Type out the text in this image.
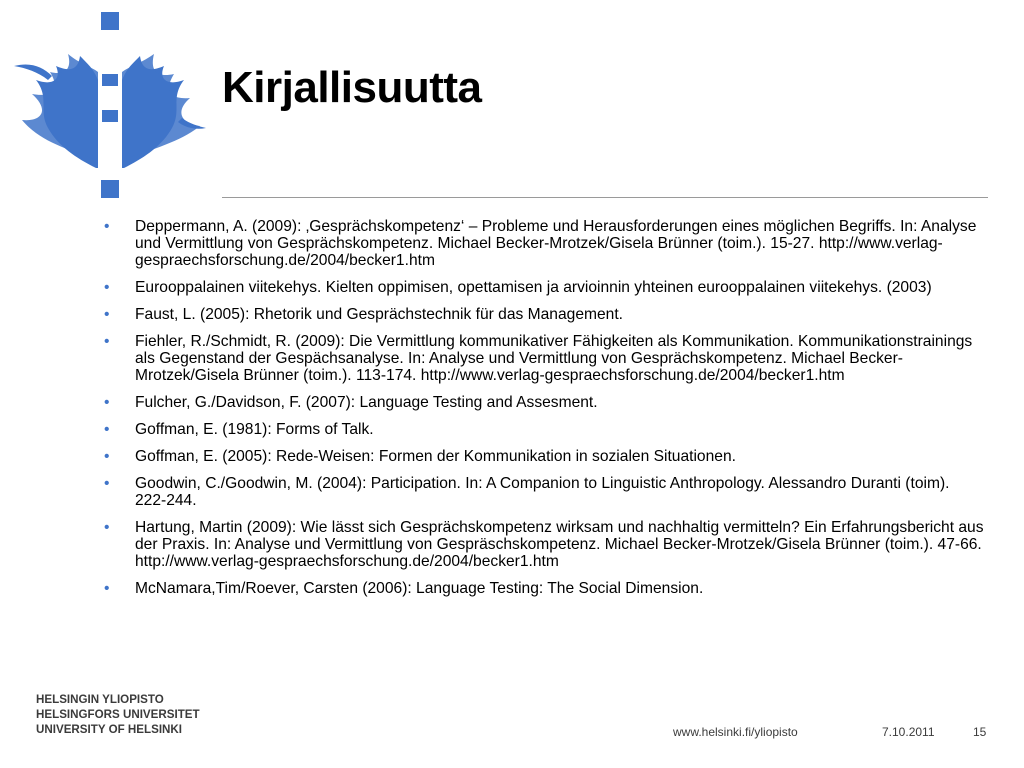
Kirjallisuutta
• Deppermann, A. (2009): ‚Gesprächskompetenz‘ – Probleme und Herausforderungen eines möglichen Begriffs. In: Analyse und Vermittlung von Gesprächskompetenz. Michael Becker-Mrotzek/Gisela Brünner (toim.). 15-27. http://www.verlag-gespraechsforschung.de/2004/becker1.htm
• Eurooppalainen viitekehys. Kielten oppimisen, opettamisen ja arvioinnin yhteinen eurooppalainen viitekehys. (2003)
• Faust, L. (2005): Rhetorik und Gesprächstechnik für das Management.
• Fiehler, R./Schmidt, R. (2009): Die Vermittlung kommunikativer Fähigkeiten als Kommunikation. Kommunikationstrainings als Gegenstand der Gespächsanalyse. In: Analyse und Vermittlung von Gesprächskompetenz. Michael Becker-Mrotzek/Gisela Brünner (toim.). 113-174. http://www.verlag-gespraechsforschung.de/2004/becker1.htm
• Fulcher, G./Davidson, F. (2007): Language Testing and Assesment.
• Goffman, E. (1981): Forms of Talk.
• Goffman, E. (2005): Rede-Weisen: Formen der Kommunikation in sozialen Situationen.
• Goodwin, C./Goodwin, M. (2004): Participation. In: A Companion to Linguistic Anthropology. Alessandro Duranti (toim). 222-244.
• Hartung, Martin (2009): Wie lässt sich Gesprächskompetenz wirksam und nachhaltig vermitteln? Ein Erfahrungsbericht aus der Praxis. In: Analyse und Vermittlung von Gespräschskompetenz. Michael Becker-Mrotzek/Gisela Brünner (toim.). 47-66. http://www.verlag-gespraechsforschung.de/2004/becker1.htm
• McNamara,Tim/Roever, Carsten (2006): Language Testing: The Social Dimension.
HELSINGIN YLIOPISTO
HELSINGFORS UNIVERSITET
UNIVERSITY OF HELSINKI	www.helsinki.fi/yliopisto	7.10.2011	15
